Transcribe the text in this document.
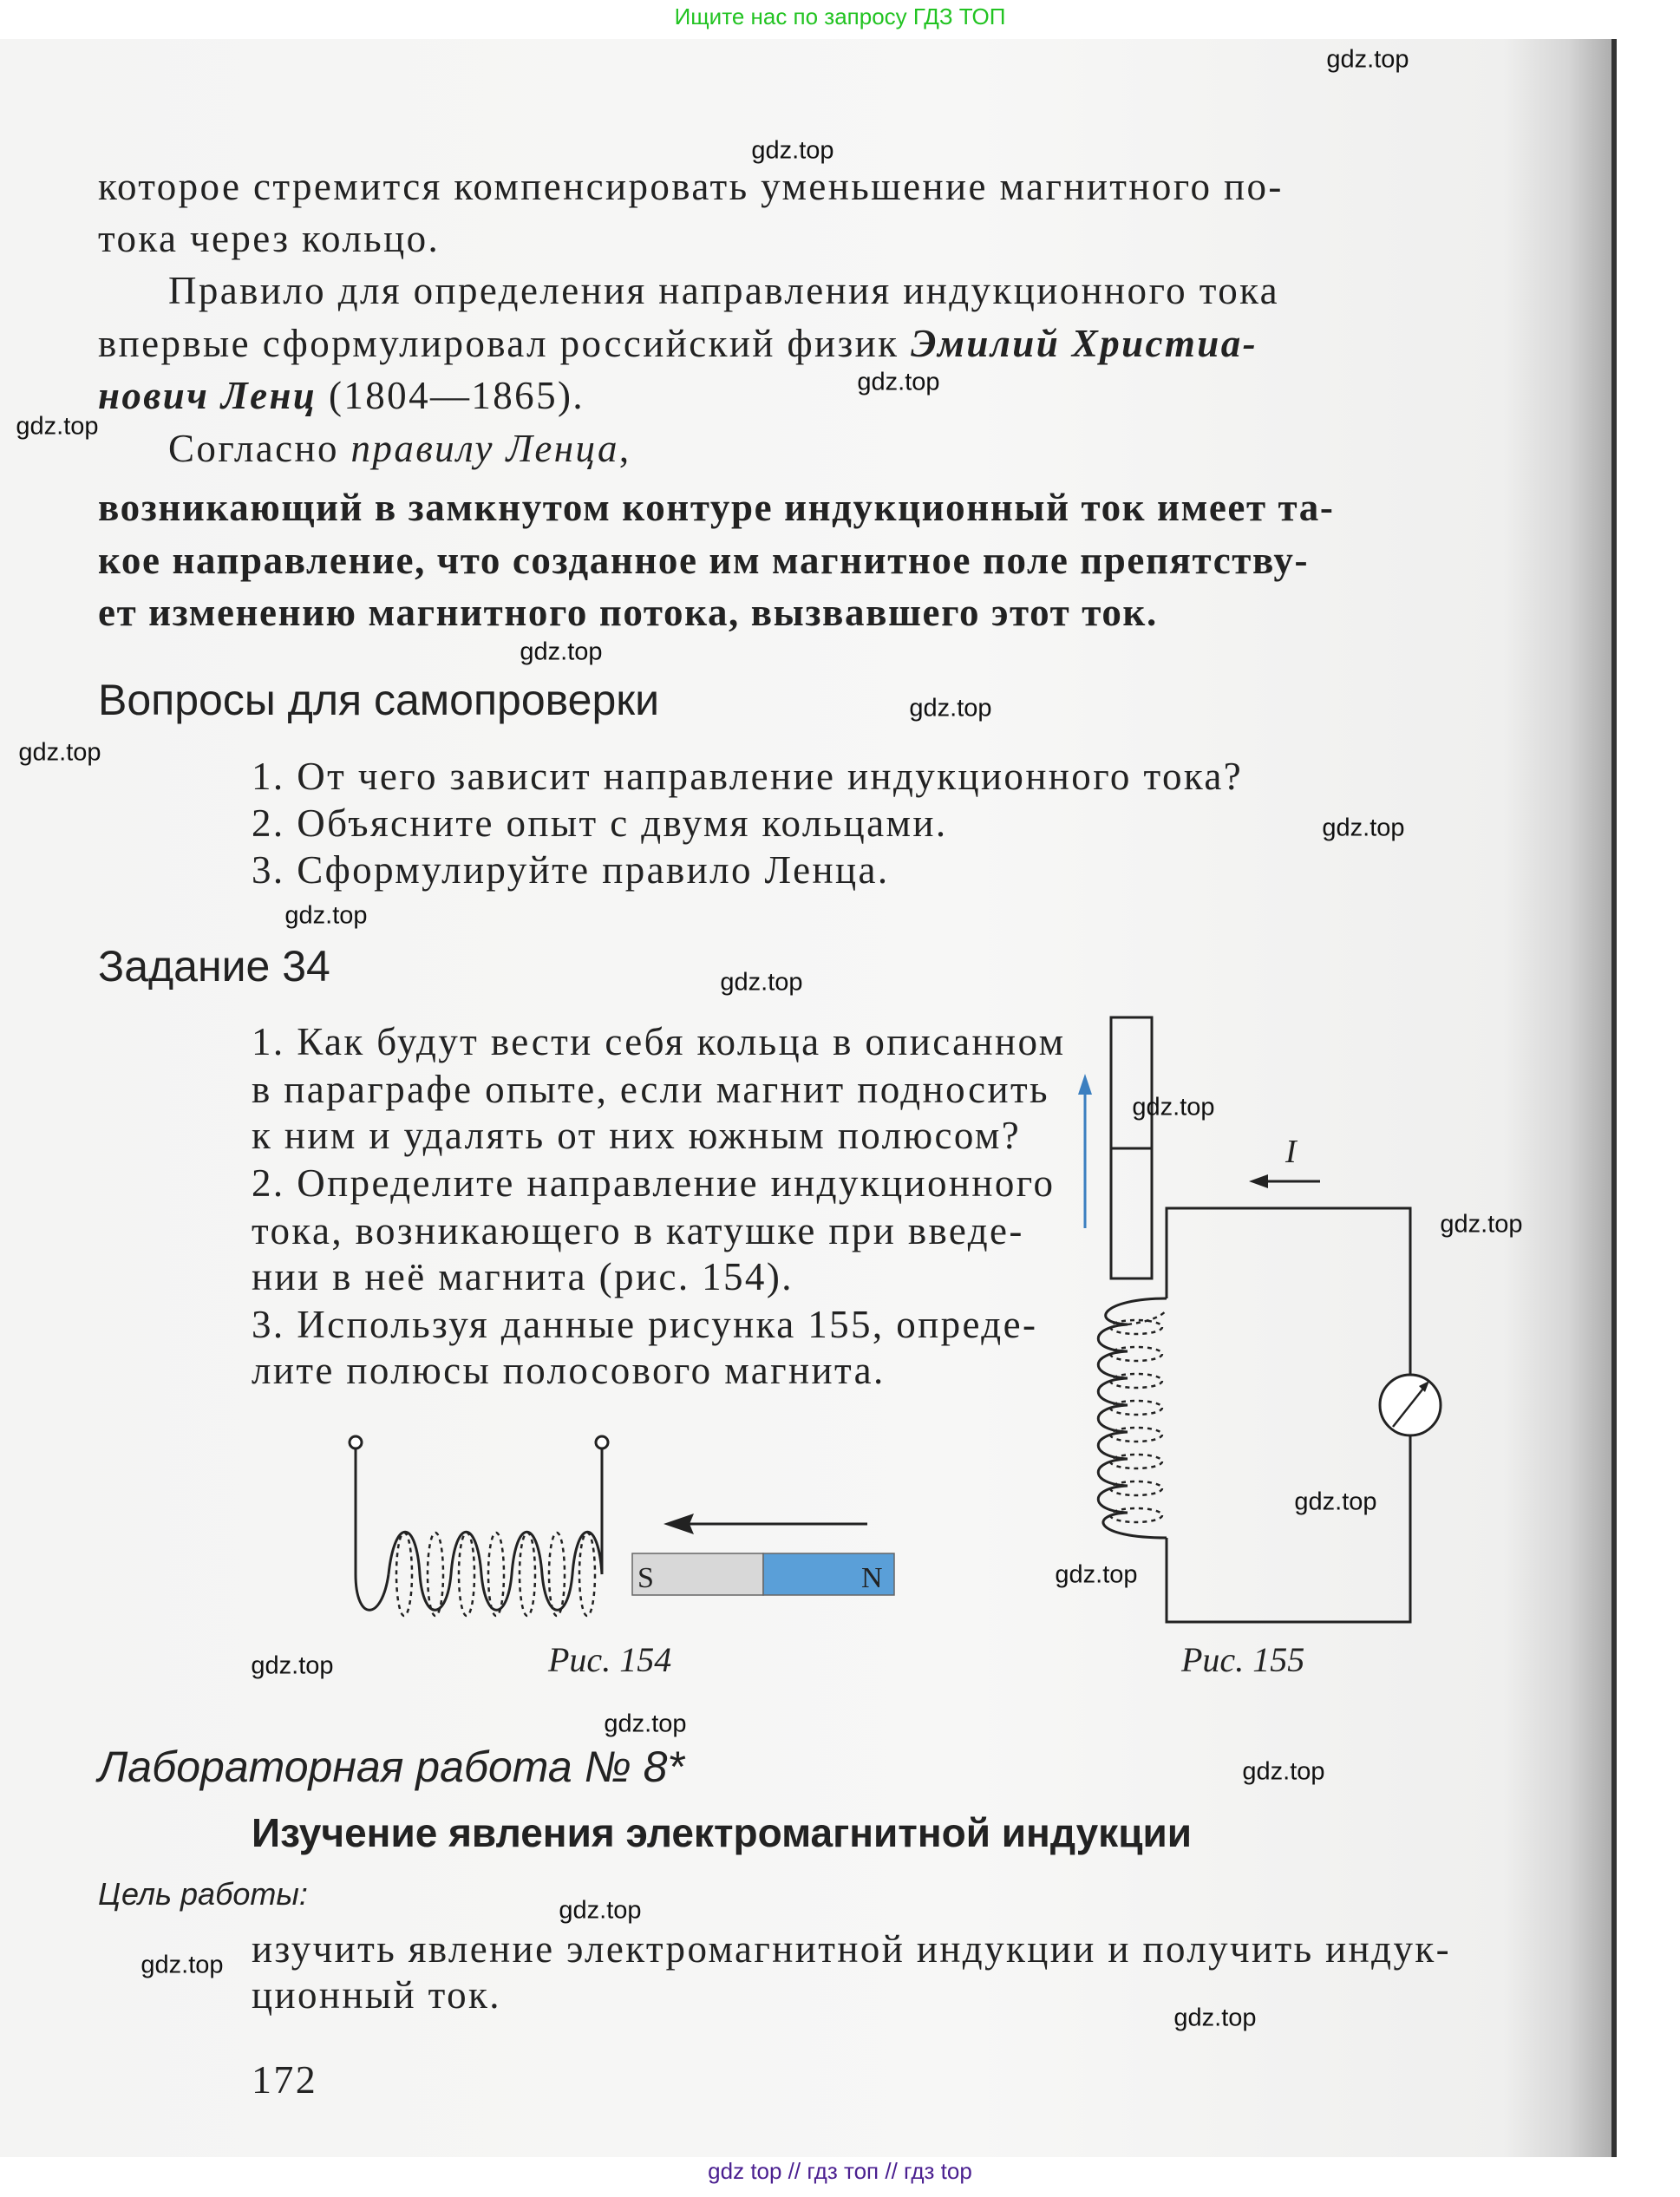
Ищите нас по запросу ГДЗ ТОП
которое стремится компенсировать уменьшение магнитного по-
тока через кольцо.
Правило для определения направления индукционного тока
впервые сформулировал российский физик Эмилий Христиа-
нович Ленц (1804—1865).
Согласно правилу Ленца,
возникающий в замкнутом контуре индукционный ток имеет та-
кое направление, что созданное им магнитное поле препятству-
ет изменению магнитного потока, вызвавшего этот ток.
Вопросы для самопроверки
1. От чего зависит направление индукционного тока?
2. Объясните опыт с двумя кольцами.
3. Сформулируйте правило Ленца.
Задание 34
1. Как будут вести себя кольца в описанном
в параграфе опыте, если магнит подносить
к ним и удалять от них южным полюсом?
2. Определите направление индукционного
тока, возникающего в катушке при введе-
нии в неё магнита (рис. 154).
3. Используя данные рисунка 155, опреде-
лите полюсы полосового магнита.
S	N
I
Рис. 154	Рис. 155
Лабораторная работа № 8*
Изучение явления электромагнитной индукции
Цель работы:
изучить явление электромагнитной индукции и получить индук-
ционный ток.
172
gdz.top
gdz.top
gdz.top
gdz.top
gdz.top
gdz.top
gdz.top
gdz.top
gdz.top
gdz.top
gdz.top
gdz.top
gdz.top
gdz.top
gdz.top
gdz.top
gdz.top
gdz.top
gdz.top
gdz.top
gdz top // гдз топ // гдз top
